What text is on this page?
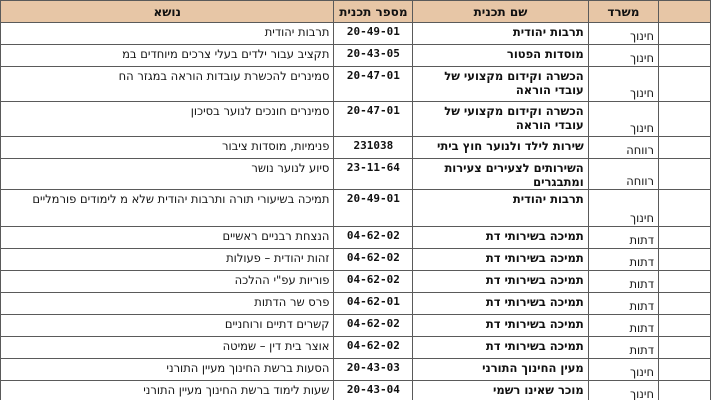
	משרד	שם תכנית	מספר תכנית	נושא
	חינוך	תרבות יהודית	20-49-01	תרבות יהודית
	חינוך	מוסדות הפטור	20-43-05	תקציב עבור ילדים בעלי צרכים מיוחדים במ
	חינוך	הכשרה וקידום מקצועי של עובדי הוראה	20-47-01	סמינרים להכשרת עובדות הוראה במגזר הח
	חינוך	הכשרה וקידום מקצועי של עובדי הוראה	20-47-01	סמינרים חונכים לנוער בסיכון
	רווחה	שירות לילד ולנוער חוץ ביתי	231038	פנימיות, מוסדות ציבור
	רווחה	השירותים לצעירים צעירות ומתבגרים	23-11-64	סיוע לנוער נושר
	חינוך	תרבות יהודית	20-49-01	תמיכה בשיעורי תורה ותרבות יהודית שלא מ לימודים פורמליים
	דתות	תמיכה בשירותי דת	04-62-02	הנצחת רבניים ראשיים
	דתות	תמיכה בשירותי דת	04-62-02	זהות יהודית – פעולות
	דתות	תמיכה בשירותי דת	04-62-02	פוריות עפ"י ההלכה
	דתות	תמיכה בשירותי דת	04-62-01	פרס שר הדתות
	דתות	תמיכה בשירותי דת	04-62-02	קשרים דתיים ורוחניים
	דתות	תמיכה בשירותי דת	04-62-02	אוצר בית דין – שמיטה
	חינוך	מעין החינוך התורני	20-43-03	הסעות ברשת החינוך מעיין התורני
	חינוך	מוכר שאינו רשמי	20-43-04	שעות לימוד ברשת החינוך מעיין התורני
